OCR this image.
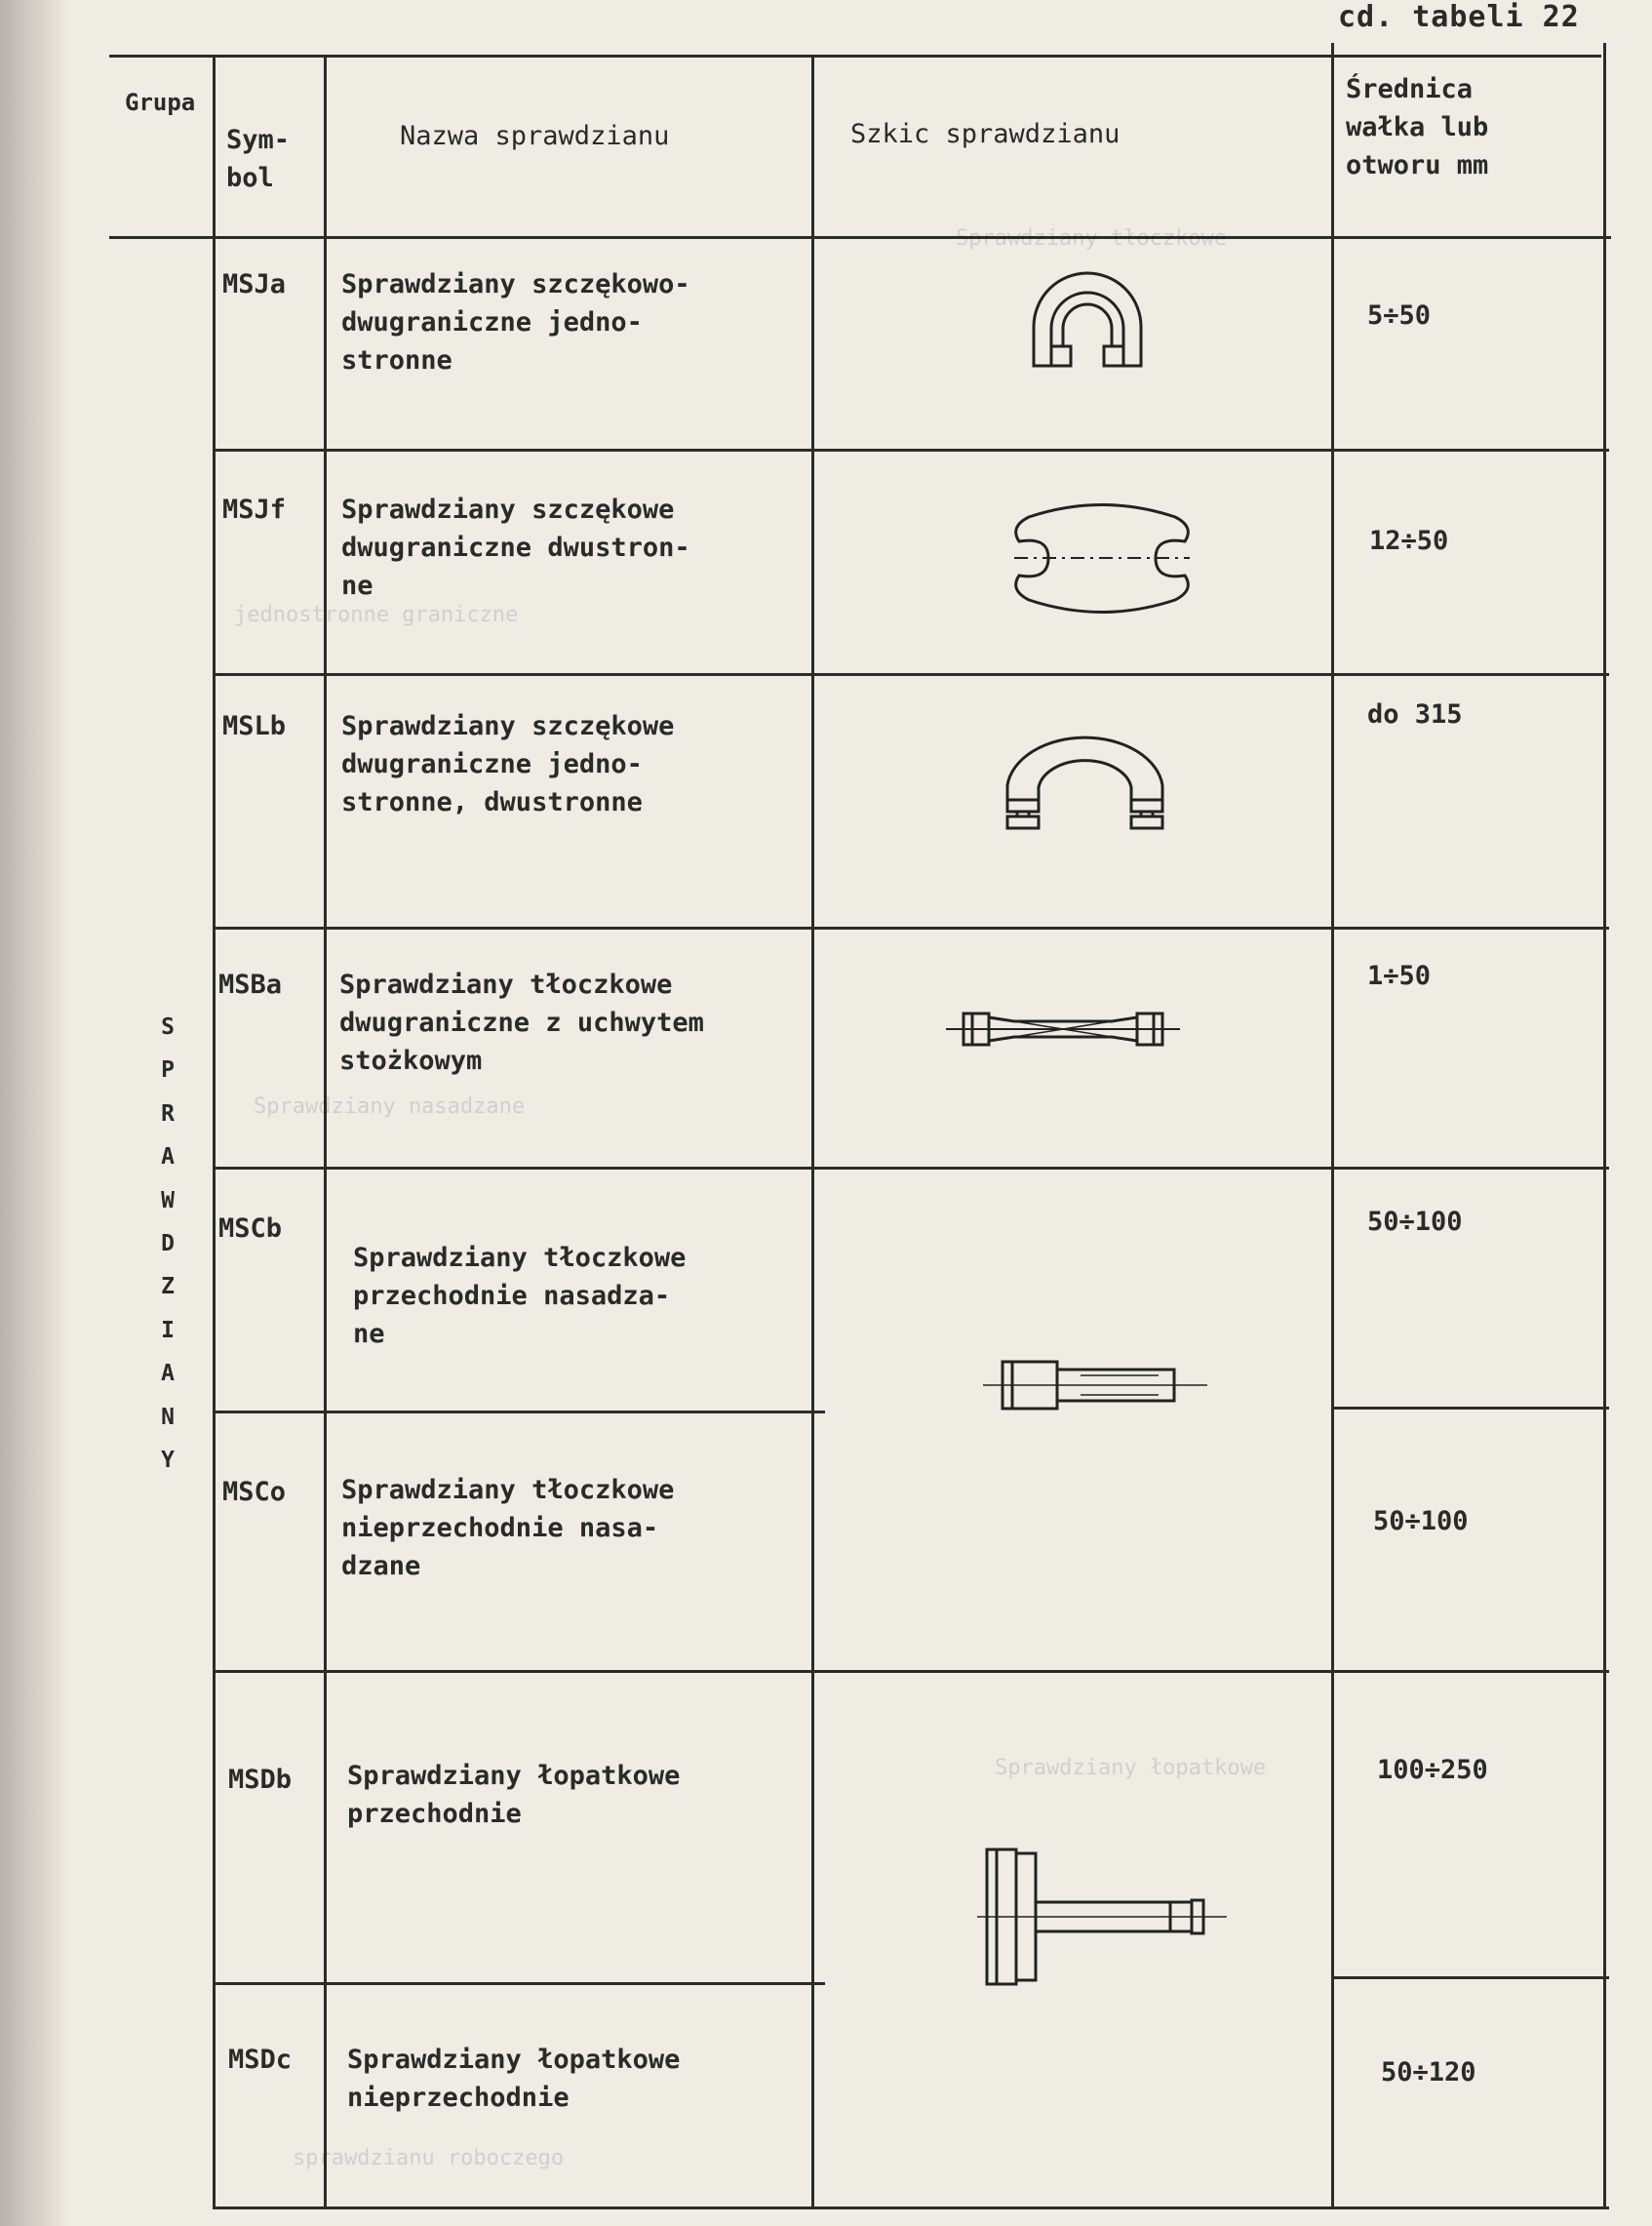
cd. tabeli 22
Grupa
Sym-
bol
Nazwa sprawdzianu	Szkic sprawdzianu
Średnica
wałka lub
otworu mm
S
P
R
A
W
D
Z
I
A
N
Y
MSJa Sprawdziany szczękowo-
dwugraniczne jedno-
stronne
5÷50
MSJf Sprawdziany szczękowe
dwugraniczne dwustron-
ne
12÷50
MSLb Sprawdziany szczękowe
dwugraniczne jedno-
stronne, dwustronne
do 315
MSBa Sprawdziany tłoczkowe
dwugraniczne z uchwytem
stożkowym
1÷50
MSCb
Sprawdziany tłoczkowe
przechodnie nasadza-
ne
50÷100
MSCo Sprawdziany tłoczkowe
nieprzechodnie nasa-
dzane
50÷100
MSDb Sprawdziany łopatkowe
przechodnie
100÷250
MSDc Sprawdziany łopatkowe
nieprzechodnie
50÷120
Sprawdziany tłoczkowe
jednostronne graniczne
Sprawdziany nasadzane
Sprawdziany łopatkowe
sprawdzianu roboczego
